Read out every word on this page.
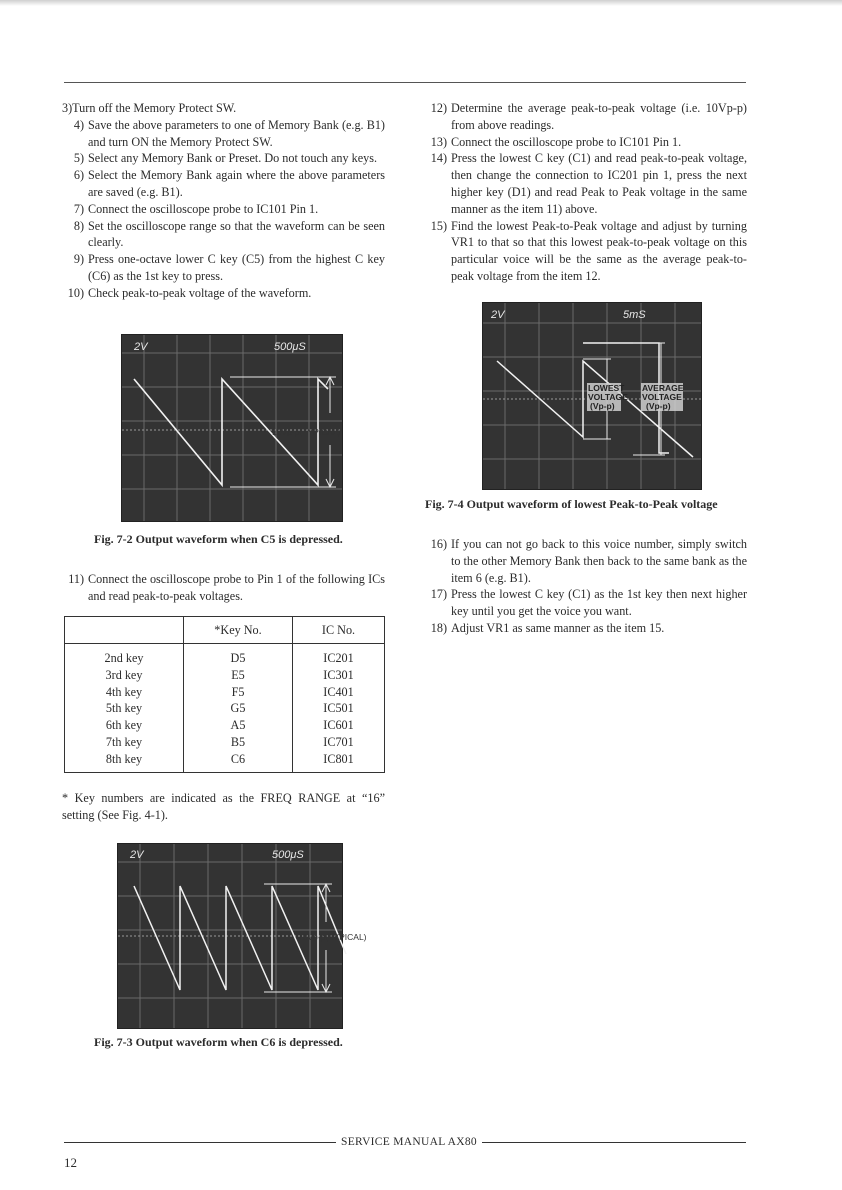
3)Turn off the Memory Protect SW.
4) Save the above parameters to one of Memory Bank (e.g. B1) and turn ON the Memory Protect SW.
5) Select any Memory Bank or Preset. Do not touch any keys.
6) Select the Memory Bank again where the above parameters are saved (e.g. B1).
7) Connect the oscilloscope probe to IC101 Pin 1.
8) Set the oscilloscope range so that the waveform can be seen clearly.
9) Press one-octave lower C key (C5) from the highest C key (C6) as the 1st key to press.
10) Check peak-to-peak voltage of the waveform.
2V	500μS
10Vp-p(TYPICAL)
Fig. 7-2 Output waveform when C5 is depressed.
11) Connect the oscilloscope probe to Pin 1 of the following ICs and read peak-to-peak voltages.
	*Key No.	IC No.
2nd key	D5	IC201
3rd key	E5	IC301
4th key	F5	IC401
5th key	G5	IC501
6th key	A5	IC601
7th key	B5	IC701
8th key	C6	IC801
* Key numbers are indicated as the FREQ RANGE at “16” setting (See Fig. 4-1).
2V	500μS
10Vp-p(TYPICAL)
Fig. 7-3 Output waveform when C6 is depressed.
12) Determine the average peak-to-peak voltage (i.e. 10Vp-p) from above readings.
13) Connect the oscilloscope probe to IC101 Pin 1.
14) Press the lowest C key (C1) and read peak-to-peak voltage, then change the connection to IC201 pin 1, press the next higher key (D1) and read Peak to Peak voltage in the same manner as the item 11) above.
15) Find the lowest Peak-to-Peak voltage and adjust by turning VR1 to that so that this lowest peak-to-peak voltage on this particular voice will be the same as the average peak-to-peak voltage from the item 12.
2V	5mS
LOWEST
VOLTAGE
(Vp-p)
AVERAGE
VOLTAGE
(Vp-p)
Fig. 7-4 Output waveform of lowest Peak-to-Peak voltage
16) If you can not go back to this voice number, simply switch to the other Memory Bank then back to the same bank as the item 6 (e.g. B1).
17) Press the lowest C key (C1) as the 1st key then next higher key until you get the voice you want.
18) Adjust VR1 as same manner as the item 15.
SERVICE MANUAL AX80
12
